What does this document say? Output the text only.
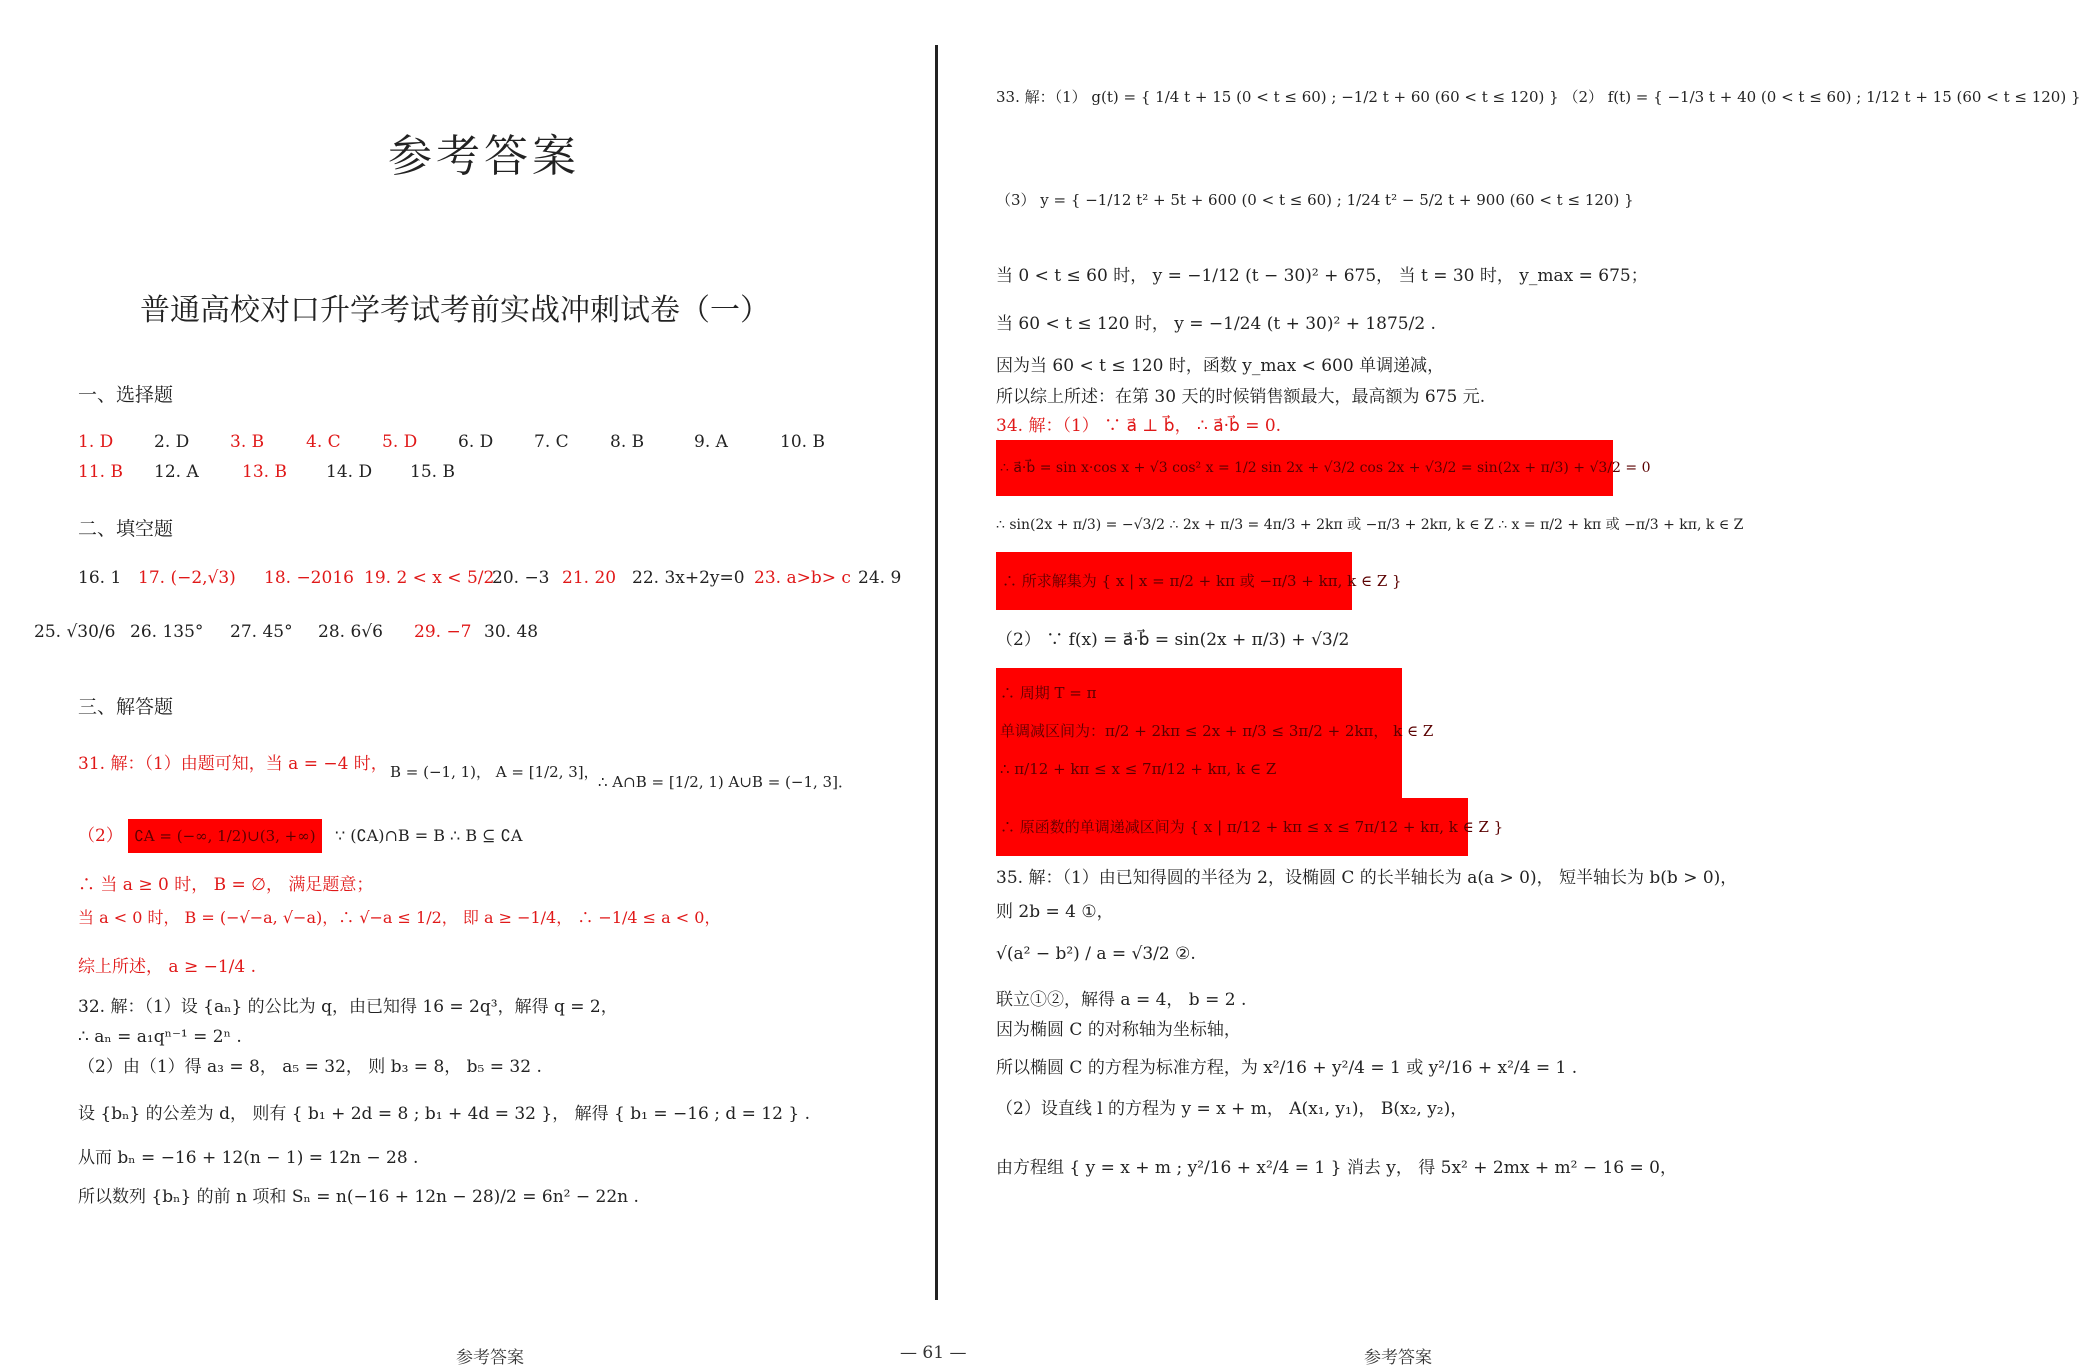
参考答案
普通高校对口升学考试考前实战冲刺试卷（一）
一、选择题
1. D 2. D 3. B 4. C 5. D 6. D 7. C 8. B	9. A	10. B
11. B 12. A	13. B 14. D 15. B
二、填空题
16. 1 17. (−2,√3) 18. −2016 19. 2 < x < 5/220. −3 21. 20 22. 3x+2y=0 23. a>b> c 24. 9
25. √30/6 26. 135° 27. 45° 28. 6√6 29. −7 30. 48
三、解答题
31. 解：（1）由题可知，当 a = −4 时， B = (−1, 1)， A = [1/2, 3]，
∴ A∩B = [1/2, 1) A∪B = (−1, 3]．
（2） ∁A = (−∞, 1/2)∪(3, +∞) ∵ (∁A)∩B = B ∴ B ⊆ ∁A
∴ 当 a ≥ 0 时， B = ∅， 满足题意；
当 a < 0 时， B = (−√−a, √−a)，∴ √−a ≤ 1/2， 即 a ≥ −1/4， ∴ −1/4 ≤ a < 0，
综上所述， a ≥ −1/4 .
32. 解：（1）设 {aₙ} 的公比为 q，由已知得 16 = 2q³，解得 q = 2，
∴ aₙ = a₁qⁿ⁻¹ = 2ⁿ .
（2）由（1）得 a₃ = 8， a₅ = 32， 则 b₃ = 8， b₅ = 32 .
设 {bₙ} 的公差为 d， 则有 { b₁ + 2d = 8 ; b₁ + 4d = 32 }， 解得 { b₁ = −16 ; d = 12 } .
从而 bₙ = −16 + 12(n − 1) = 12n − 28 .
所以数列 {bₙ} 的前 n 项和 Sₙ = n(−16 + 12n − 28)/2 = 6n² − 22n .
33. 解：（1） g(t) = { 1/4 t + 15 (0 < t ≤ 60) ; −1/2 t + 60 (60 < t ≤ 120) } （2） f(t) = { −1/3 t + 40 (0 < t ≤ 60) ; 1/12 t + 15 (60 < t ≤ 120) }
（3） y = { −1/12 t² + 5t + 600 (0 < t ≤ 60) ; 1/24 t² − 5/2 t + 900 (60 < t ≤ 120) }
当 0 < t ≤ 60 时， y = −1/12 (t − 30)² + 675， 当 t = 30 时， y_max = 675；
当 60 < t ≤ 120 时， y = −1/24 (t + 30)² + 1875/2 .
因为当 60 < t ≤ 120 时，函数 y_max < 600 单调递减，
所以综上所述：在第 30 天的时候销售额最大，最高额为 675 元.
34. 解：（1） ∵ a⃗ ⊥ b⃗， ∴ a⃗·b⃗ = 0.
∴ a⃗·b⃗ = sin x·cos x + √3 cos² x = 1/2 sin 2x + √3/2 cos 2x + √3/2 = sin(2x + π/3) + √3/2 = 0
∴ sin(2x + π/3) = −√3/2 ∴ 2x + π/3 = 4π/3 + 2kπ 或 −π/3 + 2kπ, k ∈ Z ∴ x = π/2 + kπ 或 −π/3 + kπ, k ∈ Z
∴ 所求解集为 { x | x = π/2 + kπ 或 −π/3 + kπ, k ∈ Z }
（2） ∵ f(x) = a⃗·b⃗ = sin(2x + π/3) + √3/2
∴ 周期 T = π
单调减区间为：π/2 + 2kπ ≤ 2x + π/3 ≤ 3π/2 + 2kπ， k ∈ Z
∴ π/12 + kπ ≤ x ≤ 7π/12 + kπ, k ∈ Z
∴ 原函数的单调递减区间为 { x | π/12 + kπ ≤ x ≤ 7π/12 + kπ, k ∈ Z }
35. 解：（1）由已知得圆的半径为 2，设椭圆 C 的长半轴长为 a(a > 0)， 短半轴长为 b(b > 0)，
则 2b = 4 ①，
√(a² − b²) / a = √3/2 ②.
联立①②，解得 a = 4， b = 2 .
因为椭圆 C 的对称轴为坐标轴，
所以椭圆 C 的方程为标准方程，为 x²/16 + y²/4 = 1 或 y²/16 + x²/4 = 1 .
（2）设直线 l 的方程为 y = x + m， A(x₁, y₁)， B(x₂, y₂)，
由方程组 { y = x + m ; y²/16 + x²/4 = 1 } 消去 y， 得 5x² + 2mx + m² − 16 = 0，
参考答案	— 61 —	参考答案
